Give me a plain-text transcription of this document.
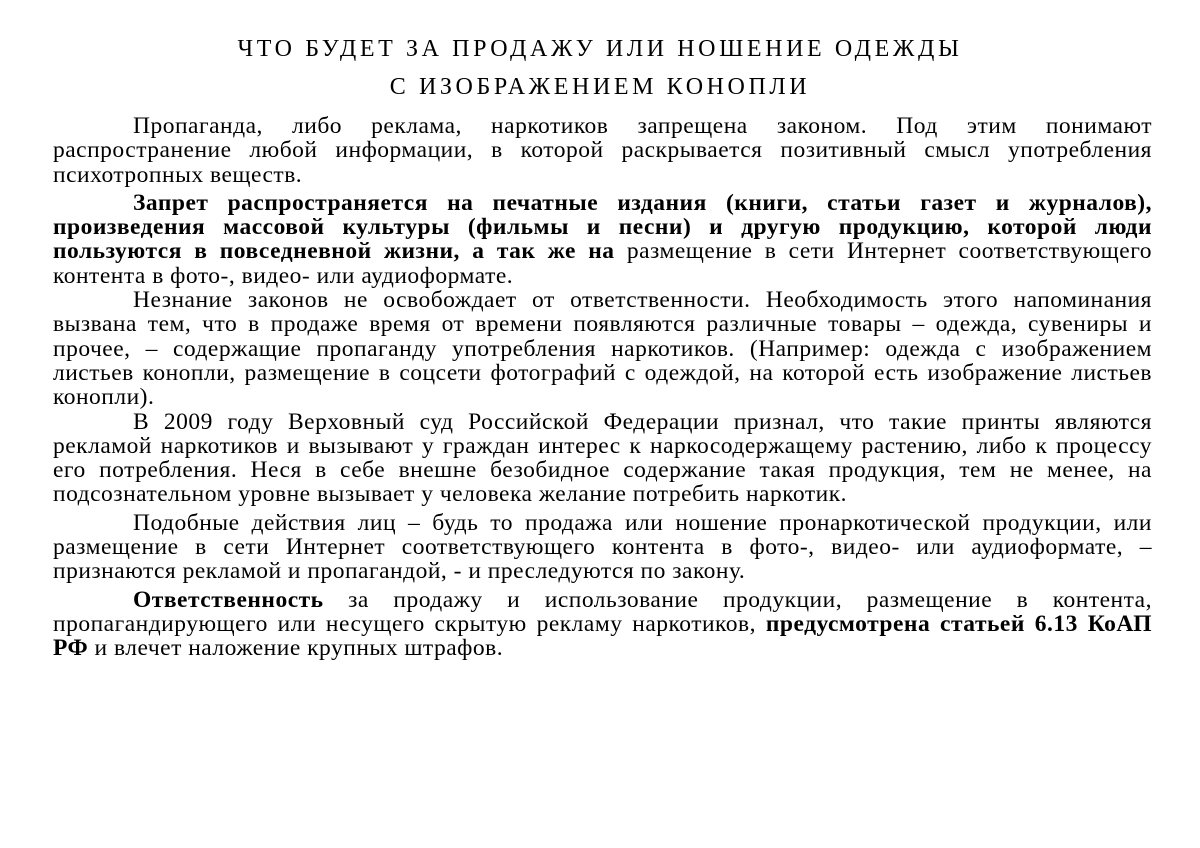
ЧТО БУДЕТ ЗА ПРОДАЖУ ИЛИ НОШЕНИЕ ОДЕЖДЫ
С ИЗОБРАЖЕНИЕМ КОНОПЛИ

Пропаганда, либо реклама, наркотиков запрещена законом. Под этим понимают распространение любой информации, в которой раскрывается позитивный смысл употребления психотропных веществ.

Запрет распространяется на печатные издания (книги, статьи газет и журналов), произведения массовой культуры (фильмы и песни) и другую продукцию, которой люди пользуются в повседневной жизни, а так же на размещение в сети Интернет соответствующего контента в фото-, видео- или аудиоформате.

Незнание законов не освобождает от ответственности. Необходимость этого напоминания вызвана тем, что в продаже время от времени появляются различные товары – одежда, сувениры и прочее, – содержащие пропаганду употребления наркотиков. (Например: одежда с изображением листьев конопли, размещение в соцсети фотографий с одеждой, на которой есть изображение листьев конопли).

В 2009 году Верховный суд Российской Федерации признал, что такие принты являются рекламой наркотиков и вызывают у граждан интерес к наркосодержащему растению, либо к процессу его потребления. Неся в себе внешне безобидное содержание такая продукция, тем не менее, на подсознательном уровне вызывает у человека желание потребить наркотик.

Подобные действия лиц – будь то продажа или ношение пронаркотической продукции, или размещение в сети Интернет соответствующего контента в фото-, видео- или аудиоформате, – признаются рекламой и пропагандой, - и преследуются по закону.

Ответственность за продажу и использование продукции, размещение в контента, пропагандирующего или несущего скрытую рекламу наркотиков, предусмотрена статьей 6.13 КоАП РФ и влечет наложение крупных штрафов.
